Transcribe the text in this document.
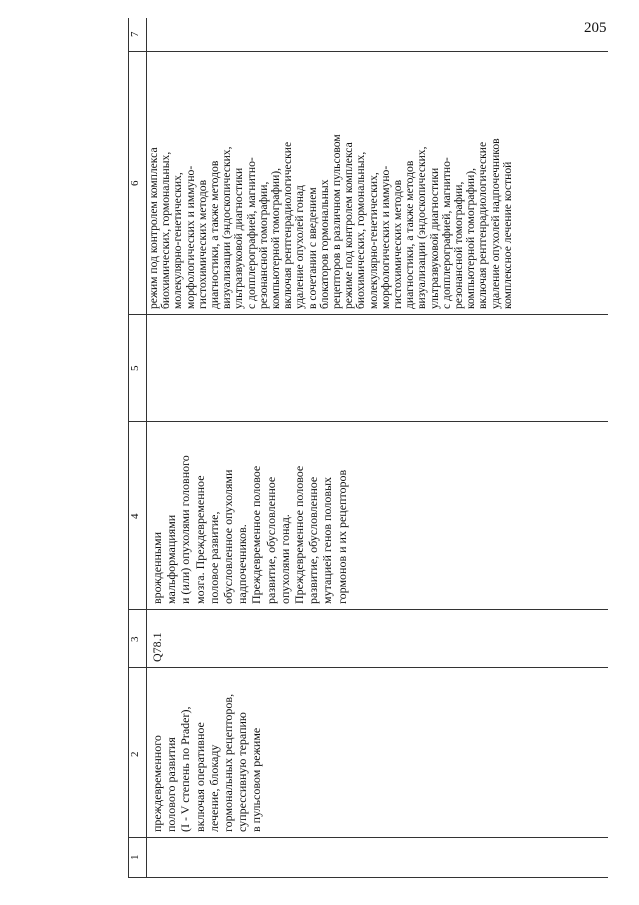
205
1
2
3
4
5
6
7
преждевременного полового развития (I - V степень по Prader), включая оперативное лечение, блокаду гормональных рецепторов, супрессивную терапию в пульсовом режиме
Q78.1
врожденными мальформациями и (или) опухолями головного мозга. Преждевременное половое развитие, обусловленное опухолями надпочечников. Преждевременное половое развитие, обусловленное опухолями гонад. Преждевременное половое развитие, обусловленное мутацией генов половых гормонов и их рецепторов
режим под контролем комплекса биохимических, гормональных, молекулярно-генетических, морфологических и иммуно- гистохимических методов диагностики, а также методов визуализации (эндоскопических, ультразвуковой диагностики с допплерографией, магнитно- резонансной томографии, компьютерной томографии), включая рентгенрадиологические удаление опухолей гонад в сочетании с введением блокаторов гормональных рецепторов в различном пульсовом режиме под контролем комплекса биохимических, гормональных, молекулярно-генетических, морфологических и иммуно- гистохимических методов диагностики, а также методов визуализации (эндоскопических, ультразвуковой диагностики с допплерографией, магнитно- резонансной томографии, компьютерной томографии), включая рентгенрадиологические удаление опухолей надпочечников комплексное лечение костной
